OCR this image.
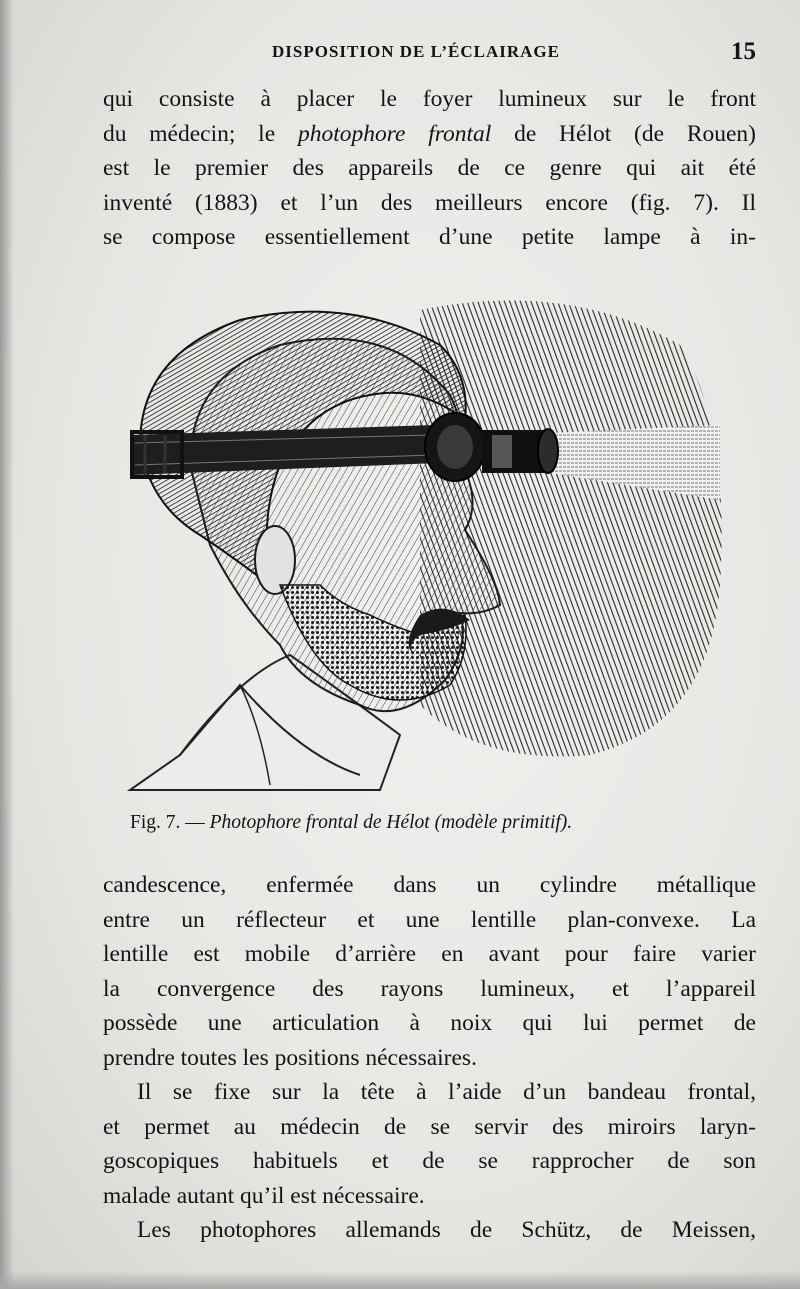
DISPOSITION DE L’ÉCLAIRAGE	15
qui consiste à placer le foyer lumineux sur le front
du médecin; le photophore frontal de Hélot (de Rouen)
est le premier des appareils de ce genre qui ait été
inventé (1883) et l’un des meilleurs encore (fig. 7). Il
se compose essentiellement d’une petite lampe à in-
Fig. 7. — Photophore frontal de Hélot (modèle primitif).
candescence, enfermée dans un cylindre métallique
entre un réflecteur et une lentille plan-convexe. La
lentille est mobile d’arrière en avant pour faire varier
la convergence des rayons lumineux, et l’appareil
possède une articulation à noix qui lui permet de
prendre toutes les positions nécessaires.
Il se fixe sur la tête à l’aide d’un bandeau frontal,
et permet au médecin de se servir des miroirs laryn-
goscopiques habituels et de se rapprocher de son
malade autant qu’il est nécessaire.
Les photophores allemands de Schütz, de Meissen,
